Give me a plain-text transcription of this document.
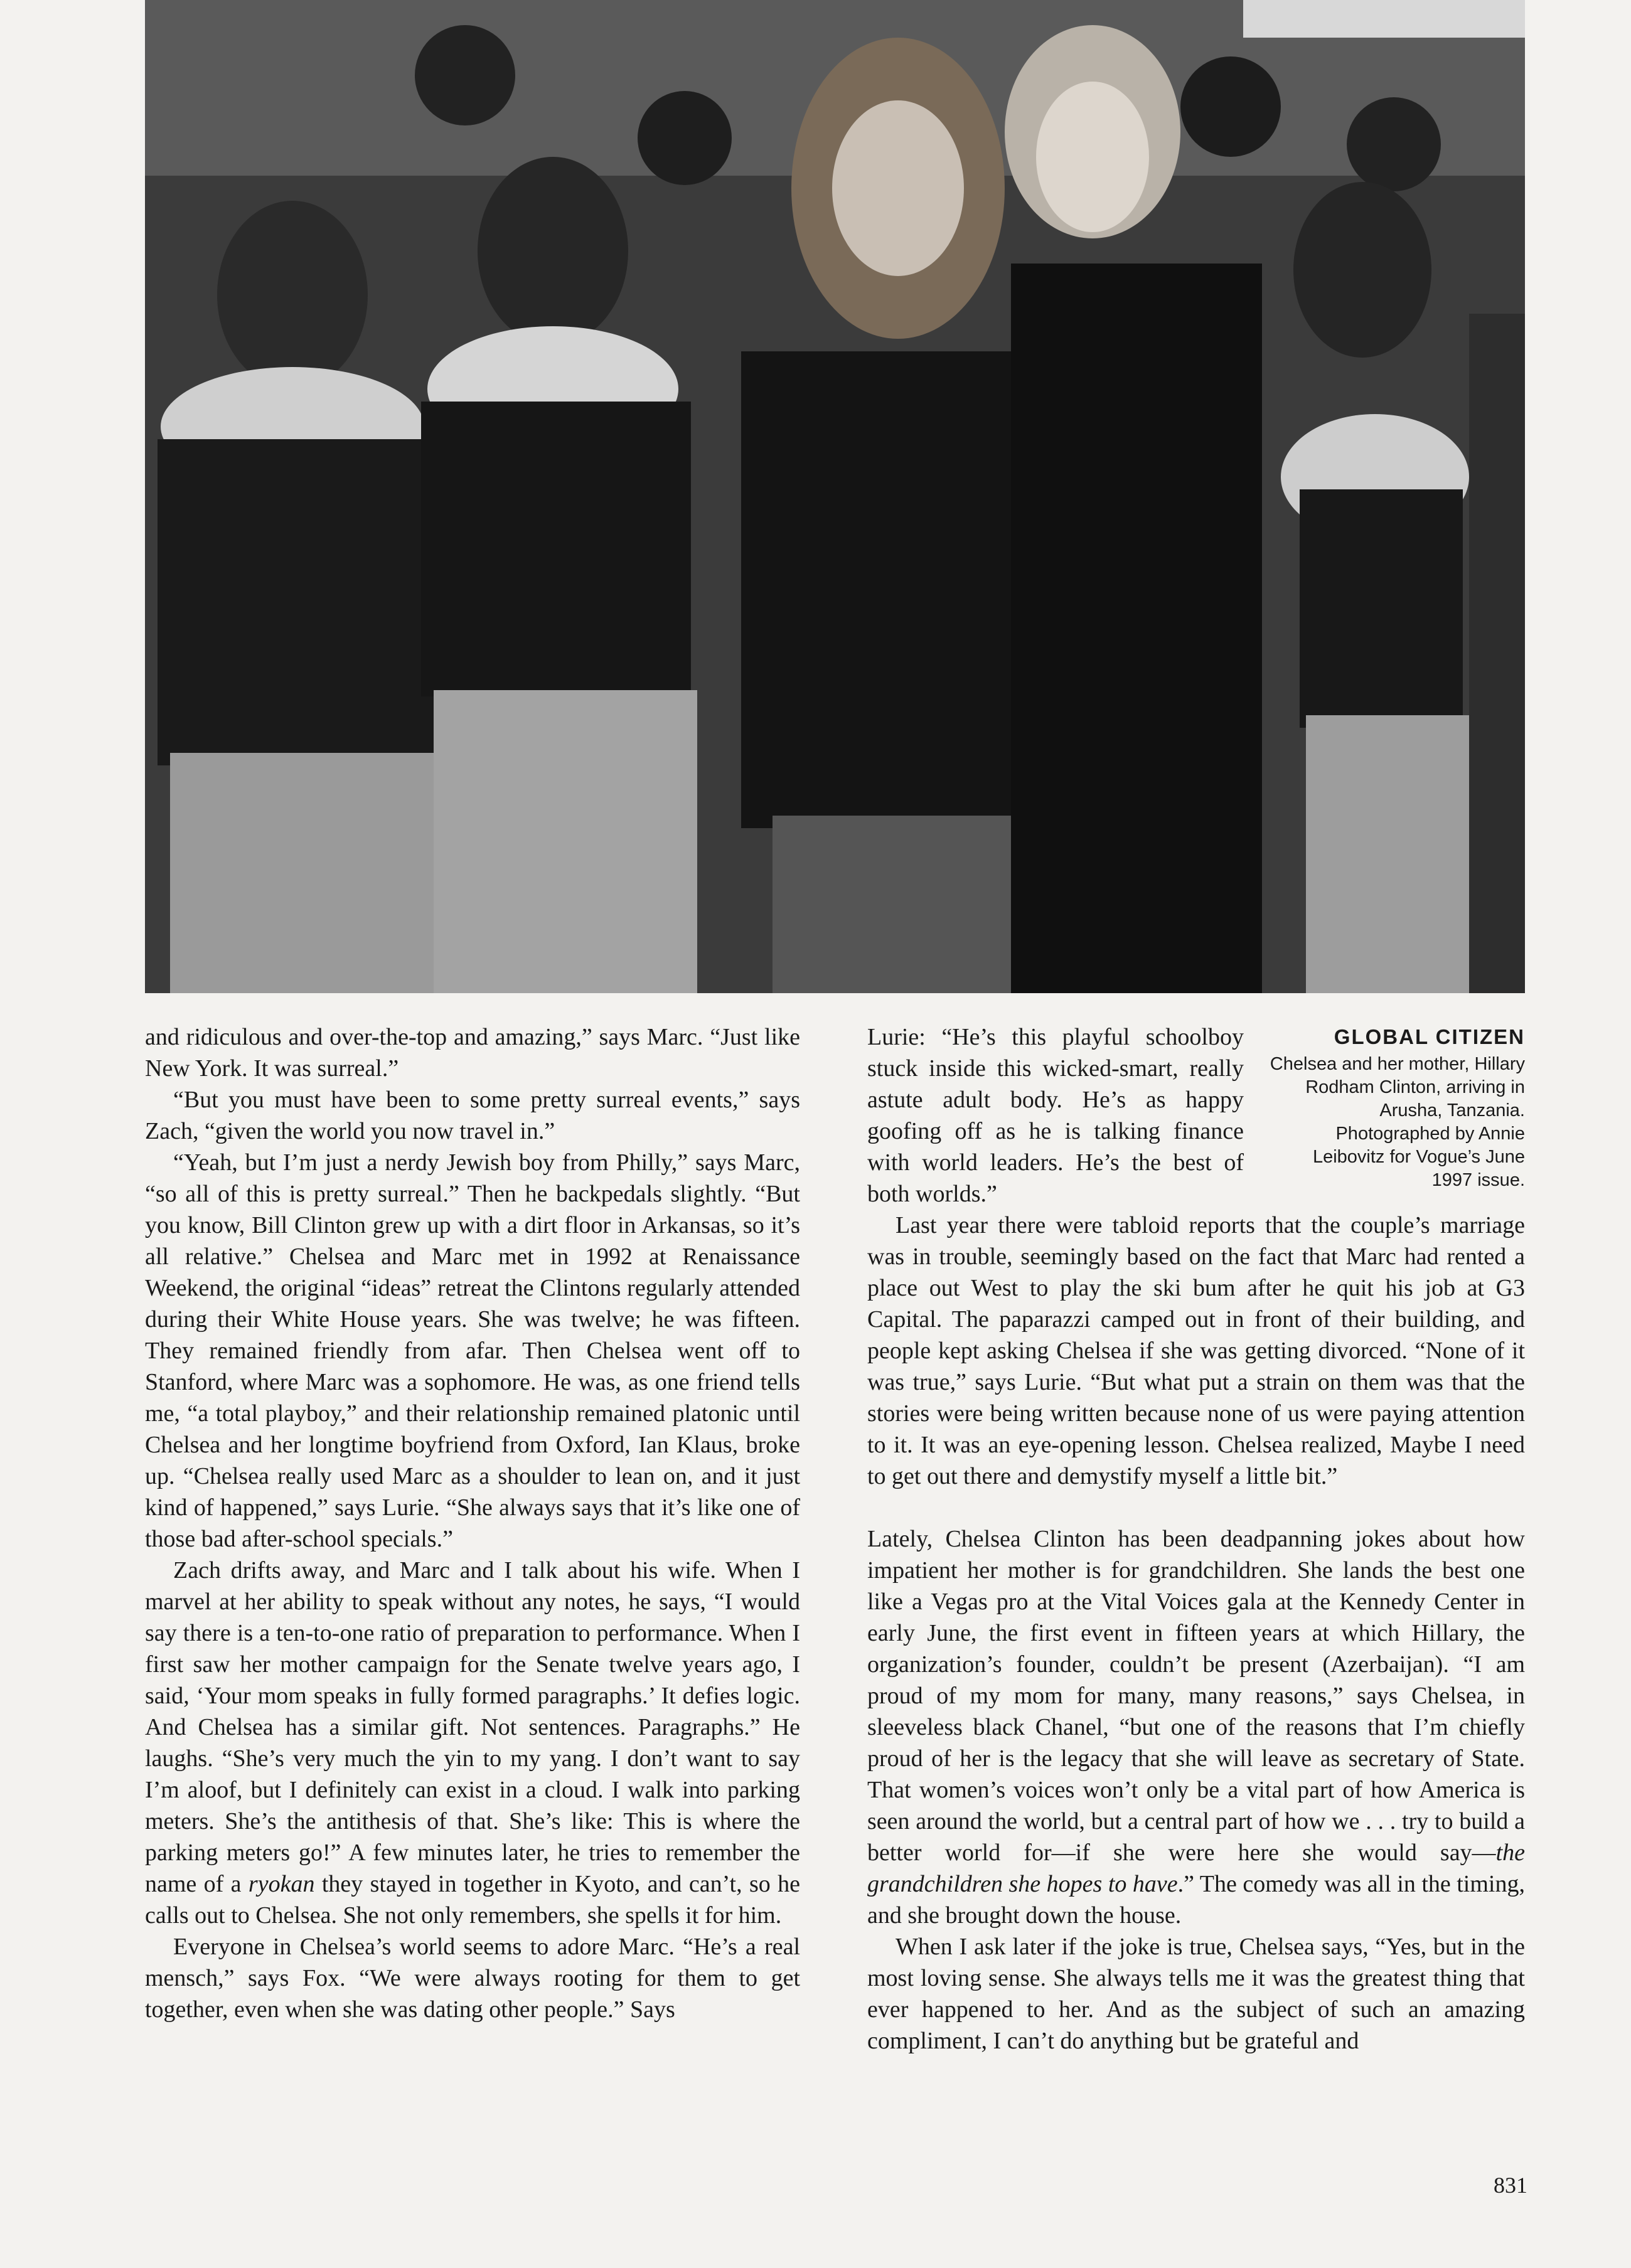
and ridiculous and over-the-top and amazing,” says Marc. “Just like New York. It was surreal.”

“But you must have been to some pretty surreal events,” says Zach, “given the world you now travel in.”

“Yeah, but I’m just a nerdy Jewish boy from Philly,” says Marc, “so all of this is pretty surreal.” Then he backpedals slightly. “But you know, Bill Clinton grew up with a dirt floor in Arkansas, so it’s all relative.” Chelsea and Marc met in 1992 at Renaissance Weekend, the original “ideas” retreat the Clintons regularly attended during their White House years. She was twelve; he was fifteen. They remained friendly from afar. Then Chelsea went off to Stanford, where Marc was a sophomore. He was, as one friend tells me, “a total playboy,” and their relationship remained platonic until Chelsea and her longtime boyfriend from Oxford, Ian Klaus, broke up. “Chelsea really used Marc as a shoulder to lean on, and it just kind of happened,” says Lurie. “She always says that it’s like one of those bad after-school specials.”

Zach drifts away, and Marc and I talk about his wife. When I marvel at her ability to speak without any notes, he says, “I would say there is a ten-to-one ratio of preparation to performance. When I first saw her mother campaign for the Senate twelve years ago, I said, ‘Your mom speaks in fully formed paragraphs.’ It defies logic. And Chelsea has a similar gift. Not sentences. Paragraphs.” He laughs. “She’s very much the yin to my yang. I don’t want to say I’m aloof, but I definitely can exist in a cloud. I walk into parking meters. She’s the antithesis of that. She’s like: This is where the parking meters go!” A few minutes later, he tries to remember the name of a ryokan they stayed in together in Kyoto, and can’t, so he calls out to Chelsea. She not only remembers, she spells it for him.

Everyone in Chelsea’s world seems to adore Marc. “He’s a real mensch,” says Fox. “We were always rooting for them to get together, even when she was dating other people.” Says

Lurie: “He’s this playful schoolboy stuck inside this wicked-smart, really astute adult body. He’s as happy goofing off as he is talking finance with world leaders. He’s the best of both worlds.”

GLOBAL CITIZEN
Chelsea and her mother, Hillary Rodham Clinton, arriving in Arusha, Tanzania. Photographed by Annie Leibovitz for Vogue’s June 1997 issue.

Last year there were tabloid reports that the couple’s marriage was in trouble, seemingly based on the fact that Marc had rented a place out West to play the ski bum after he quit his job at G3 Capital. The paparazzi camped out in front of their building, and people kept asking Chelsea if she was getting divorced. “None of it was true,” says Lurie. “But what put a strain on them was that the stories were being written because none of us were paying attention to it. It was an eye-opening lesson. Chelsea realized, Maybe I need to get out there and demystify myself a little bit.”

Lately, Chelsea Clinton has been deadpanning jokes about how impatient her mother is for grandchildren. She lands the best one like a Vegas pro at the Vital Voices gala at the Kennedy Center in early June, the first event in fifteen years at which Hillary, the organization’s founder, couldn’t be present (Azerbaijan). “I am proud of my mom for many, many reasons,” says Chelsea, in sleeveless black Chanel, “but one of the reasons that I’m chiefly proud of her is the legacy that she will leave as secretary of State. That women’s voices won’t only be a vital part of how America is seen around the world, but a central part of how we . . . try to build a better world for—if she were here she would say—the grandchildren she hopes to have.” The comedy was all in the timing, and she brought down the house.

When I ask later if the joke is true, Chelsea says, “Yes, but in the most loving sense. She always tells me it was the greatest thing that ever happened to her. And as the subject of such an amazing compliment, I can’t do anything but be grateful and

831
